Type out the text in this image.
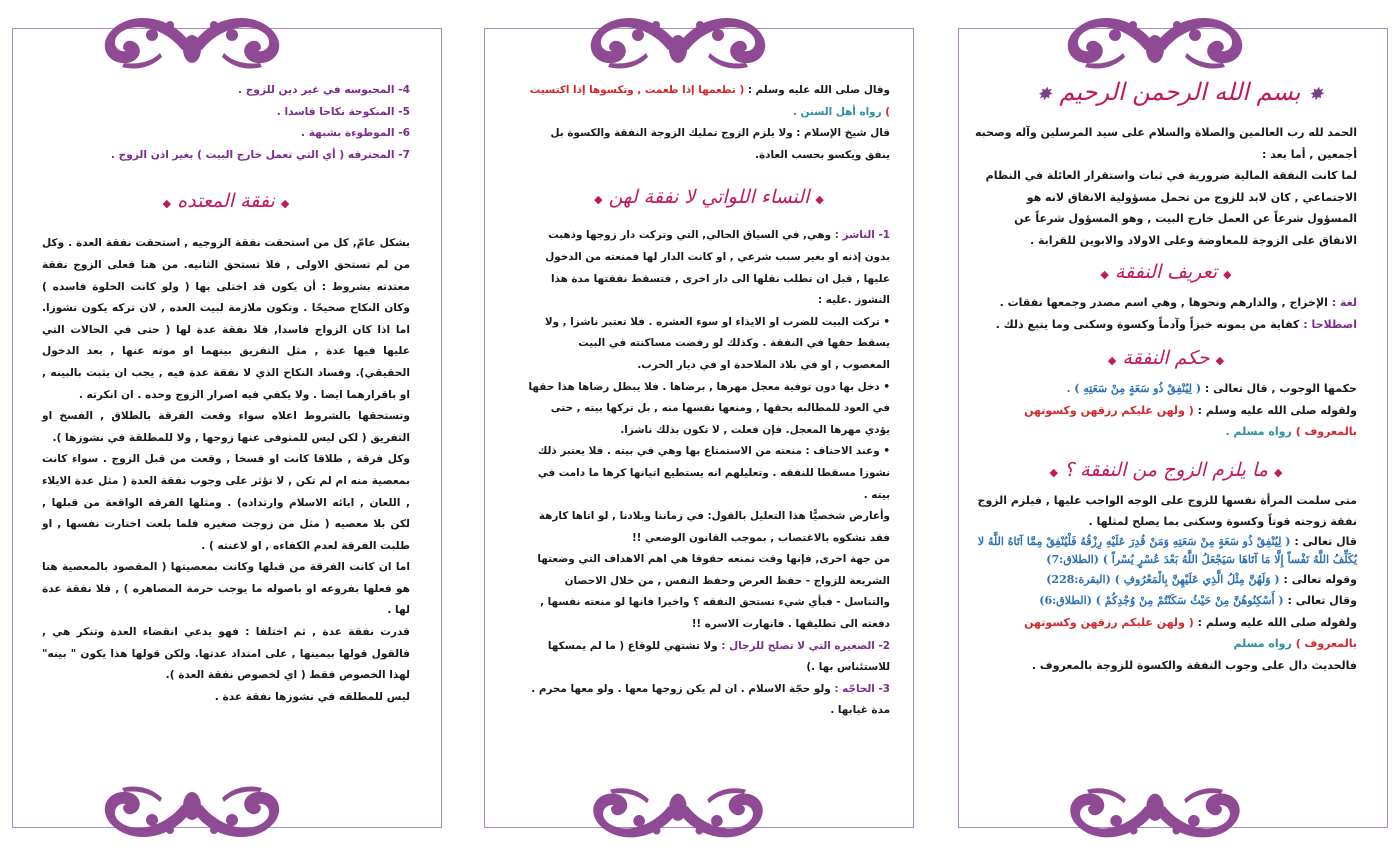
✸ بسم الله الرحمن الرحيم ✸

الحمد لله رب العالمين والصلاة والسلام على سيد المرسلين وآله وصحبه أجمعين , أما بعد :

لما كانت النفقة المالية ضرورية في ثبات واستقرار العائلة في النظام الاجتماعي , كان لابد للزوج من تحمل مسؤولية الانفاق لانه هو المسؤول شرعاً عن العمل خارج البيت , وهو المسؤول شرعاً عن الانفاق على الزوجة للمعاوضة وعلى الاولاد والابوين للقرابة .

◆ تعريف النفقة ◆

لغة : الإخراج , والدارهم ونحوها , وهي اسم مصدر وجمعها نفقات .

اصطلاحا : كفاية من يمونه خبزاً وآدماً وكسوة وسكنى وما يتبع ذلك .

◆ حكم النفقة ◆

حكمها الوجوب , قال تعالى : ( لِيُنْفِقْ ذُو سَعَةٍ مِنْ سَعَتِهِ ) .

ولقوله صلى الله عليه وسلم : ( ولهن عليكم رزقهن وكسوتهن بالمعروف ) رواه مسلم .

◆ ما يلزم الزوج من النفقة ؟ ◆

متى سلمت المرأة نفسها للزوج على الوجه الواجب عليها , فيلزم الزوج نفقة زوجته قوتاً وكسوة وسكنى بما يصلح لمثلها .

قال تعالى : ( لِيُنْفِقْ ذُو سَعَةٍ مِنْ سَعَتِهِ وَمَنْ قُدِرَ عَلَيْهِ رِزْقُهُ فَلْيُنْفِقْ مِمَّا آتَاهُ اللَّهُ لا يُكَلِّفُ اللَّهُ نَفْساً إِلَّا مَا آتَاهَا سَيَجْعَلُ اللَّهُ بَعْدَ عُسْرٍ يُسْراً ) (الطلاق:7)

وقوله تعالى : ( وَلَهُنَّ مِثْلُ الَّذِي عَلَيْهِنَّ بِالْمَعْرُوفِ ) (البقرة:228)

وقال تعالى : ( أَسْكِنُوهُنَّ مِنْ حَيْثُ سَكَنْتُمْ مِنْ وُجْدِكُمْ ) (الطلاق:6)

ولقوله صلى الله عليه وسلم : ( ولهن عليكم رزقهن وكسوتهن بالمعروف ) رواه مسلم

فالحديث دال على وجوب النفقة والكسوة للزوجة بالمعروف .

وقال صلى الله عليه وسلم : ( تطعمها إذا طعمت , وتكسوها إذا اكتسيت ) رواه أهل السنن .

قال شيخ الإسلام : ولا يلزم الزوج تمليك الزوجة النفقة والكسوة بل ينفق ويكسو بحسب العادة.

◆ النساء اللواتي لا نفقة لهن ◆

1- الناشز : وهي, في السياق الحالي, التي وتركت دار زوجها وذهبت بدون إذنه او بغير سبب شرعي , او كانت الدار لها فمنعته من الدخول عليها , قبل ان تطلب نقلها الى دار اخرى , فتسقط نفقتها مدة هذا النشوز .عليه :

• تركت البيت للضرب او الايذاء او سوء العشره . فلا تعتبر ناشزا , ولا يسقط حقها في النفقة . وكذلك لو رفضت مساكنته في البيت المغصوب , او في بلاد الملاحدة او في ديار الحرب.

• دخل بها دون توفية معجل مهرها , برضاها . فلا يبطل رضاها هذا حقها في العود للمطالبه بحقها , ومنعها نفسها منه , بل تركها بيته , حتى يؤدي مهرها المعجل. فإن فعلت , لا تكون بذلك ناشزا.

• وعند الاحناف : منعته من الاستمتاع بها وهي في بيته . فلا يعتبر ذلك نشوزا مسقطا للنفقه . وتعليلهم انه يستطيع اتيانها كرها ما دامت في بيته .

وأعارض شخصيًّا هذا التعليل بالقول: في زماننا وبلادنا , لو اتاها كارهة فقد تشكوه بالاغتصاب , بموجب القانون الوضعي !!

من جهة اخرى, فإنها وقت تمنعه حقوقا هي اهم الاهداف التي وضعتها الشريعة للزواج - حفظ العرض وحفظ النفس , من خلال الاحصان والتناسل - فبأي شيء تستحق النفقه ؟ واخيرا فانها لو منعته نفسها , دفعته الى تطليقها . فانهارت الاسره !!

2- الصغيره التي لا تصلح للرجال : ولا تشتهي للوقاع ( ما لم يمسكها للاستئناس بها .)

3- الحاجّه : ولو حجّة الاسلام . ان لم يكن زوجها معها . ولو معها محرم . مدة غيابها .

4- المحبوسه في غير دين للزوج .

5- المنكوحة نكاحا فاسدا .

6- الموطوءة بشبهة .

7- المحترفه ( أي التي تعمل خارج البيت ) بغير اذن الزوج .

◆ نفقة المعتده ◆

بشكل عامّ, كل من استحقت نفقة الزوجيه , استحقت نفقة العدة . وكل من لم تستحق الاولى , فلا تستحق الثانيه. من هنا فعلى الزوج نفقة معتدته بشروط : أن يكون قد اختلى بها ( ولو كانت الخلوة فاسده ) وكان النكاح صحيحًا . وتكون ملازمة لبيت العده , لان تركه يكون نشوزا. اما اذا كان الزواج فاسدا, فلا نفقة عدة لها ( حتى في الحالات التي عليها فيها عدة , مثل التفريق بينهما او موته عنها , بعد الدخول الحقيقي). وفساد النكاح الذي لا نفقة عدة فيه , يجب ان يثبت بالبينه , او باقرارهما ايضا . ولا يكفي فيه اصرار الزوج وحده . ان انكرته .

وتستحقها بالشروط اعلاه سواء وقعت الفرقة بالطلاق , الفسخ او التفريق ( لكن ليس للمتوفى عنها زوجها , ولا للمطلقة في نشوزها ).

وكل فرقة , طلاقا كانت او فسخا , وقعت من قبل الزوج . سواء كانت بمعصية منه ام لم تكن , لا تؤثر على وجوب نفقة العدة ( مثل عدة الايلاء , اللعان , ابائه الاسلام وارتداده) . ومثلها الفرقه الواقعة من قبلها , لكن بلا معصيه ( مثل من زوجت صغيره فلما بلغت اختارت نفسها , او طلبت الفرقة لعدم الكفاءه , او لاعنته ) .

اما ان كانت الفرقة من قبلها وكانت بمعصيتها ( المقصود بالمعصية هنا هو فعلها بفروعه او باصوله ما يوجب حرمة المصاهره ) , فلا نفقة عدة لها .

قدرت نفقة عدة , ثم اختلفا : فهو يدعي انقضاء العدة وتنكر هي , فالقول قولها بيمينها , على امتداد عدتها. ولكن قولها هذا يكون " بينه" لهذا الخصوص فقط ( اي لخصوص نفقة العدة ).

ليس للمطلقه في نشوزها نفقة عدة .
